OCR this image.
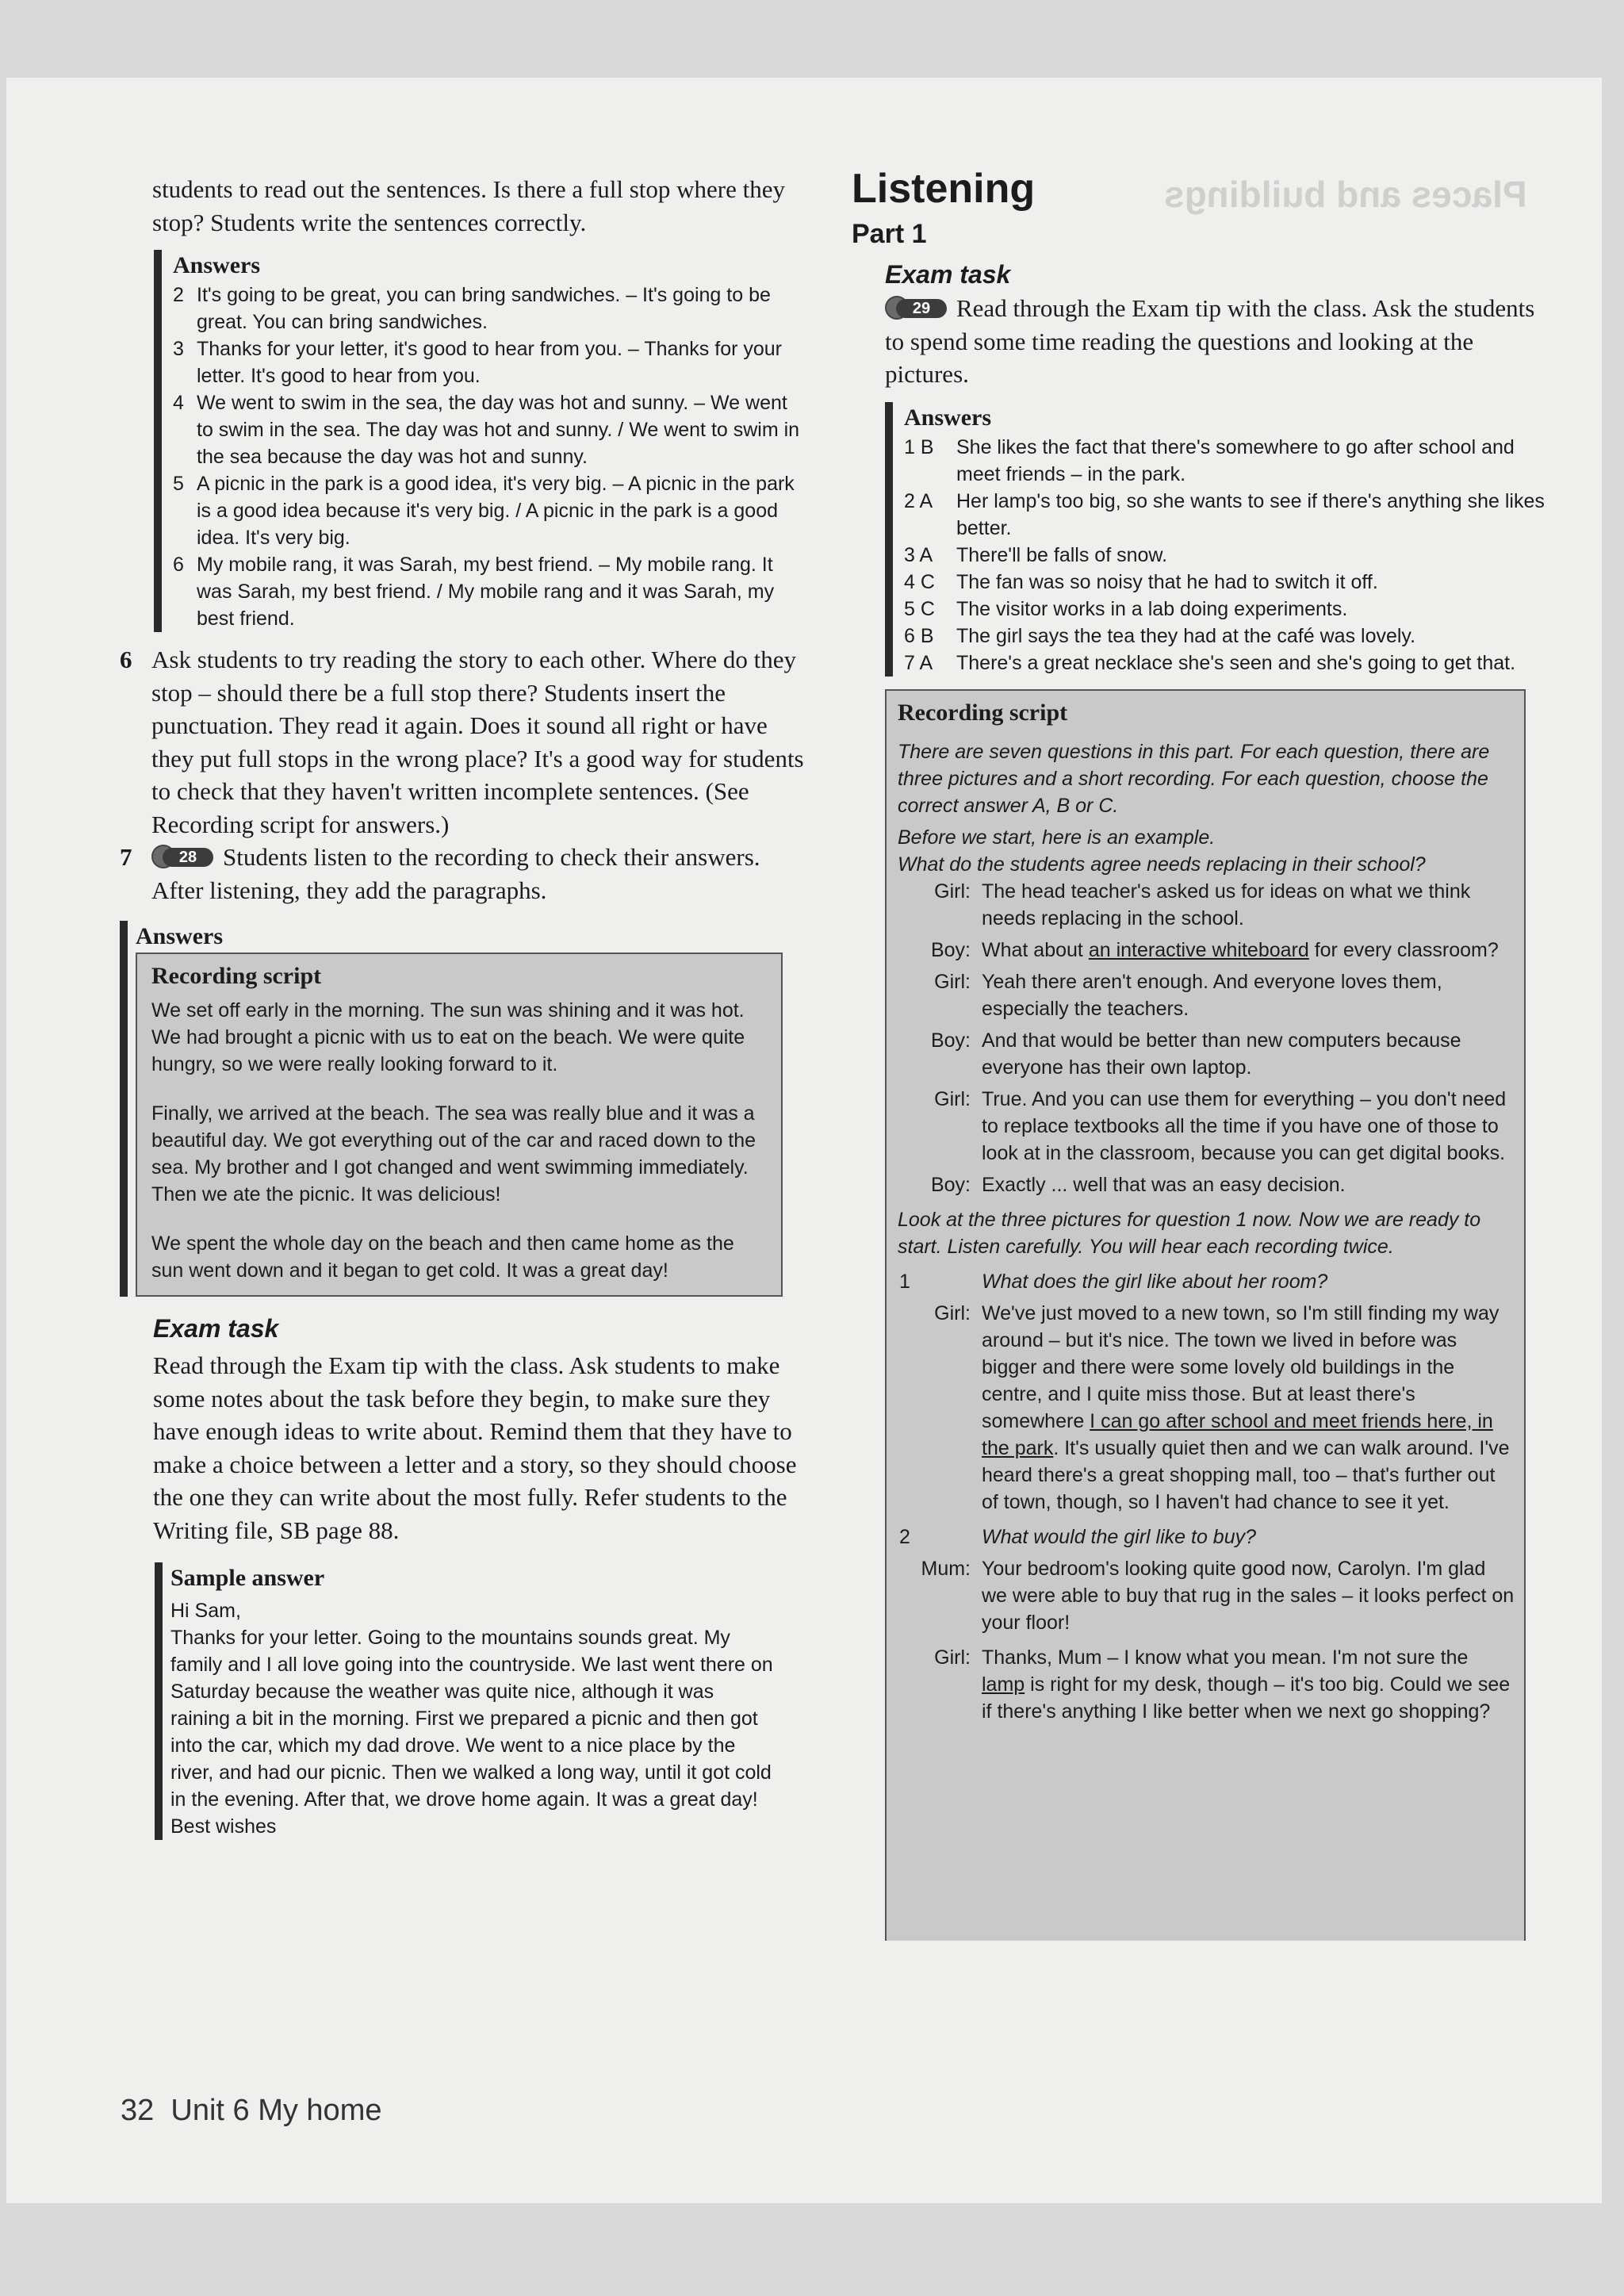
Places and buildings
students to read out the sentences. Is there a full stop where they stop? Students write the sentences correctly.
Answers
2 It's going to be great, you can bring sandwiches. – It's going to be great. You can bring sandwiches.
3 Thanks for your letter, it's good to hear from you. – Thanks for your letter. It's good to hear from you.
4 We went to swim in the sea, the day was hot and sunny. – We went to swim in the sea. The day was hot and sunny. / We went to swim in the sea because the day was hot and sunny.
5 A picnic in the park is a good idea, it's very big. – A picnic in the park is a good idea because it's very big. / A picnic in the park is a good idea. It's very big.
6 My mobile rang, it was Sarah, my best friend. – My mobile rang. It was Sarah, my best friend. / My mobile rang and it was Sarah, my best friend.
6 Ask students to try reading the story to each other. Where do they stop – should there be a full stop there? Students insert the punctuation. They read it again. Does it sound all right or have they put full stops in the wrong place? It's a good way for students to check that they haven't written incomplete sentences. (See Recording script for answers.)
7	28	Students listen to the recording to check their answers. After listening, they add the paragraphs.
Answers
Recording script
We set off early in the morning. The sun was shining and it was hot. We had brought a picnic with us to eat on the beach. We were quite hungry, so we were really looking forward to it.
Finally, we arrived at the beach. The sea was really blue and it was a beautiful day. We got everything out of the car and raced down to the sea. My brother and I got changed and went swimming immediately. Then we ate the picnic. It was delicious!
We spent the whole day on the beach and then came home as the sun went down and it began to get cold. It was a great day!
Exam task
Read through the Exam tip with the class. Ask students to make some notes about the task before they begin, to make sure they have enough ideas to write about. Remind them that they have to make a choice between a letter and a story, so they should choose the one they can write about the most fully. Refer students to the Writing file, SB page 88.
Sample answer
Hi Sam,
Thanks for your letter. Going to the mountains sounds great. My family and I all love going into the countryside. We last went there on Saturday because the weather was quite nice, although it was raining a bit in the morning. First we prepared a picnic and then got into the car, which my dad drove. We went to a nice place by the river, and had our picnic. Then we walked a long way, until it got cold in the evening. After that, we drove home again. It was a great day!
Best wishes
32  Unit 6 My home
Listening
Part 1
Exam task
29	Read through the Exam tip with the class. Ask the students to spend some time reading the questions and looking at the pictures.
Answers
1 B	She likes the fact that there's somewhere to go after school and meet friends – in the park.
2 A	Her lamp's too big, so she wants to see if there's anything she likes better.
3 A	There'll be falls of snow.
4 C	The fan was so noisy that he had to switch it off.
5 C	The visitor works in a lab doing experiments.
6 B	The girl says the tea they had at the café was lovely.
7 A	There's a great necklace she's seen and she's going to get that.
Recording script
There are seven questions in this part. For each question, there are three pictures and a short recording. For each question, choose the correct answer A, B or C.
Before we start, here is an example.
What do the students agree needs replacing in their school?
Girl: The head teacher's asked us for ideas on what we think needs replacing in the school.
Boy: What about an interactive whiteboard for every classroom?
Girl: Yeah there aren't enough. And everyone loves them, especially the teachers.
Boy: And that would be better than new computers because everyone has their own laptop.
Girl: True. And you can use them for everything – you don't need to replace textbooks all the time if you have one of those to look at in the classroom, because you can get digital books.
Boy: Exactly ... well that was an easy decision.
Look at the three pictures for question 1 now. Now we are ready to start. Listen carefully. You will hear each recording twice.
1	What does the girl like about her room?
Girl: We've just moved to a new town, so I'm still finding my way around – but it's nice. The town we lived in before was bigger and there were some lovely old buildings in the centre, and I quite miss those. But at least there's somewhere I can go after school and meet friends here, in the park. It's usually quiet then and we can walk around. I've heard there's a great shopping mall, too – that's further out of town, though, so I haven't had chance to see it yet.
2	What would the girl like to buy?
Mum: Your bedroom's looking quite good now, Carolyn. I'm glad we were able to buy that rug in the sales – it looks perfect on your floor!
Girl: Thanks, Mum – I know what you mean. I'm not sure the lamp is right for my desk, though – it's too big. Could we see if there's anything I like better when we next go shopping?
